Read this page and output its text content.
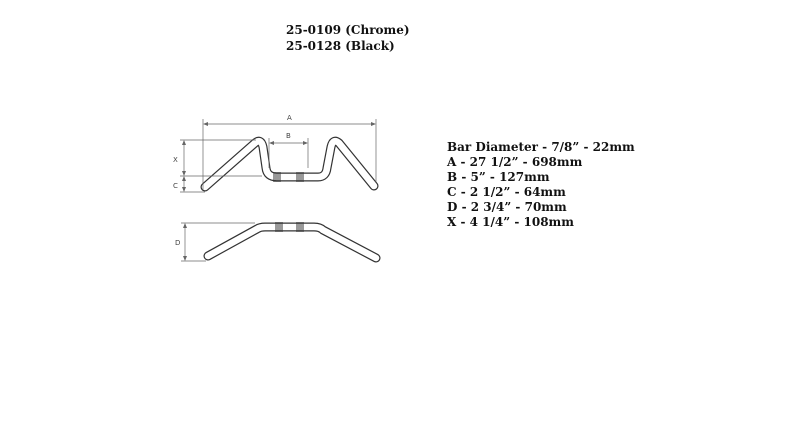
25-0109 (Chrome)
25-0128 (Black)
Bar Diameter - 7/8” - 22mm
A - 27 1/2” - 698mm
B - 5” - 127mm
C - 2 1/2” - 64mm
D - 2 3/4” - 70mm
X - 4 1/4” - 108mm
A
B
X
C
D
